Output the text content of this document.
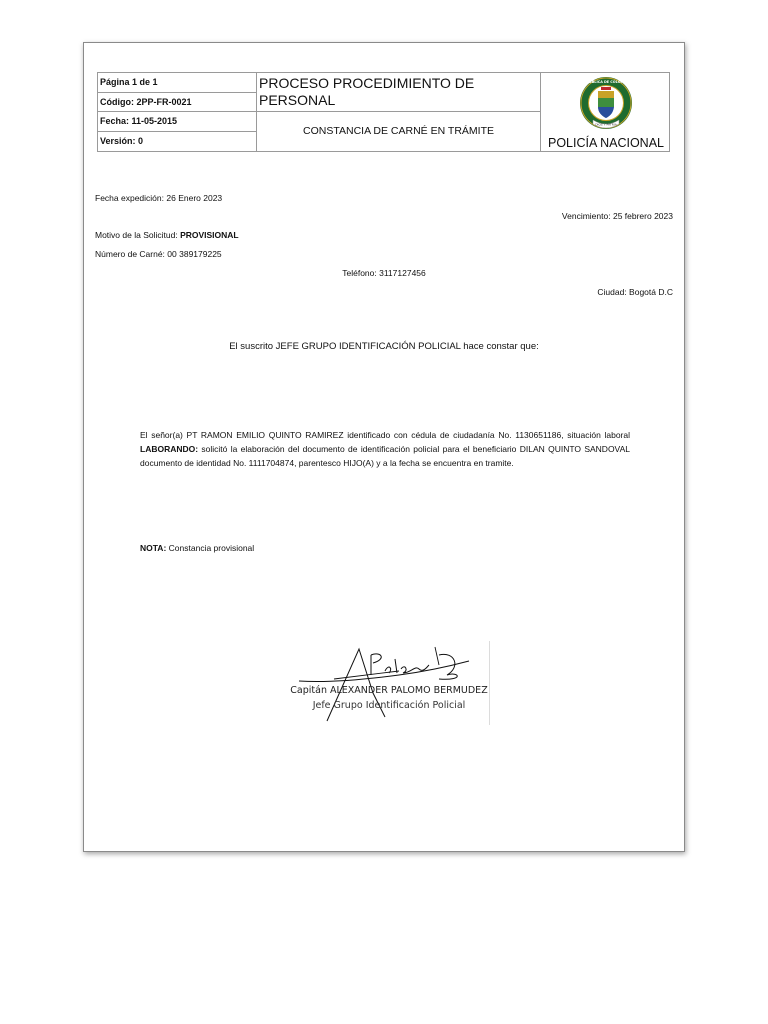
Página 1 de 1
Código: 2PP-FR-0021
Fecha: 11-05-2015
Versión: 0
PROCESO PROCEDIMIENTO DE PERSONAL
CONSTANCIA DE CARNÉ EN TRÁMITE
DIOS Y PATRIA
REPÚBLICA DE COLOMBIA
POLICÍA NACIONAL
Fecha expedición: 26 Enero 2023
Vencimiento: 25 febrero 2023
Motivo de la Solicitud: PROVISIONAL
Número de Carné: 00 389179225
Teléfono: 3117127456
Ciudad: Bogotá D.C
El suscrito JEFE GRUPO IDENTIFICACIÓN POLICIAL hace constar que:
El señor(a) PT RAMON EMILIO QUINTO RAMIREZ identificado con cédula de ciudadanía No. 1130651186, situación laboral LABORANDO: solicitó la elaboración del documento de identificación policial para el beneficiario DILAN QUINTO SANDOVAL documento de identidad No. 1111704874, parentesco HIJO(A) y a la fecha se encuentra en tramite.
NOTA: Constancia provisional
Capitán ALEXANDER PALOMO BERMUDEZ
Jefe Grupo Identificación Policial
